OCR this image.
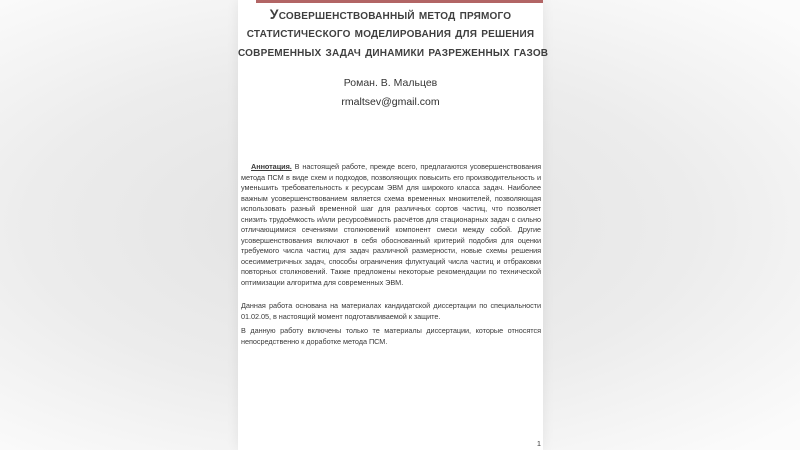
Усовершенствованный метод прямого
статистического моделирования для решения
современных задач динамики разреженных газов
Роман. В. Мальцев
rmaltsev@gmail.com

Аннотация. В настоящей работе, прежде всего, предлагаются усовершенствования метода ПСМ в виде схем и подходов, позволяющих повысить его производительность и уменьшить требовательность к ресурсам ЭВМ для широкого класса задач. Наиболее важным усовершенствованием является схема временных множителей, позволяющая использовать разный временной шаг для различных сортов частиц, что позволяет снизить трудоёмкость и/или ресурсоёмкость расчётов для стационарных задач с сильно отличающимися сечениями столкновений компонент смеси между собой. Другие усовершенствования включают в себя обоснованный критерий подобия для оценки требуемого числа частиц для задач различной размерности, новые схемы решения осесимметричных задач, способы ограничения флуктуаций числа частиц и отбраковки повторных столкновений. Также предложены некоторые рекомендации по технической оптимизации алгоритма для современных ЭВМ.

Данная работа основана на материалах кандидатской диссертации по специальности 01.02.05, в настоящий момент подготавливаемой к защите.

В данную работу включены только те материалы диссертации, которые относятся непосредственно к доработке метода ПСМ.

1
